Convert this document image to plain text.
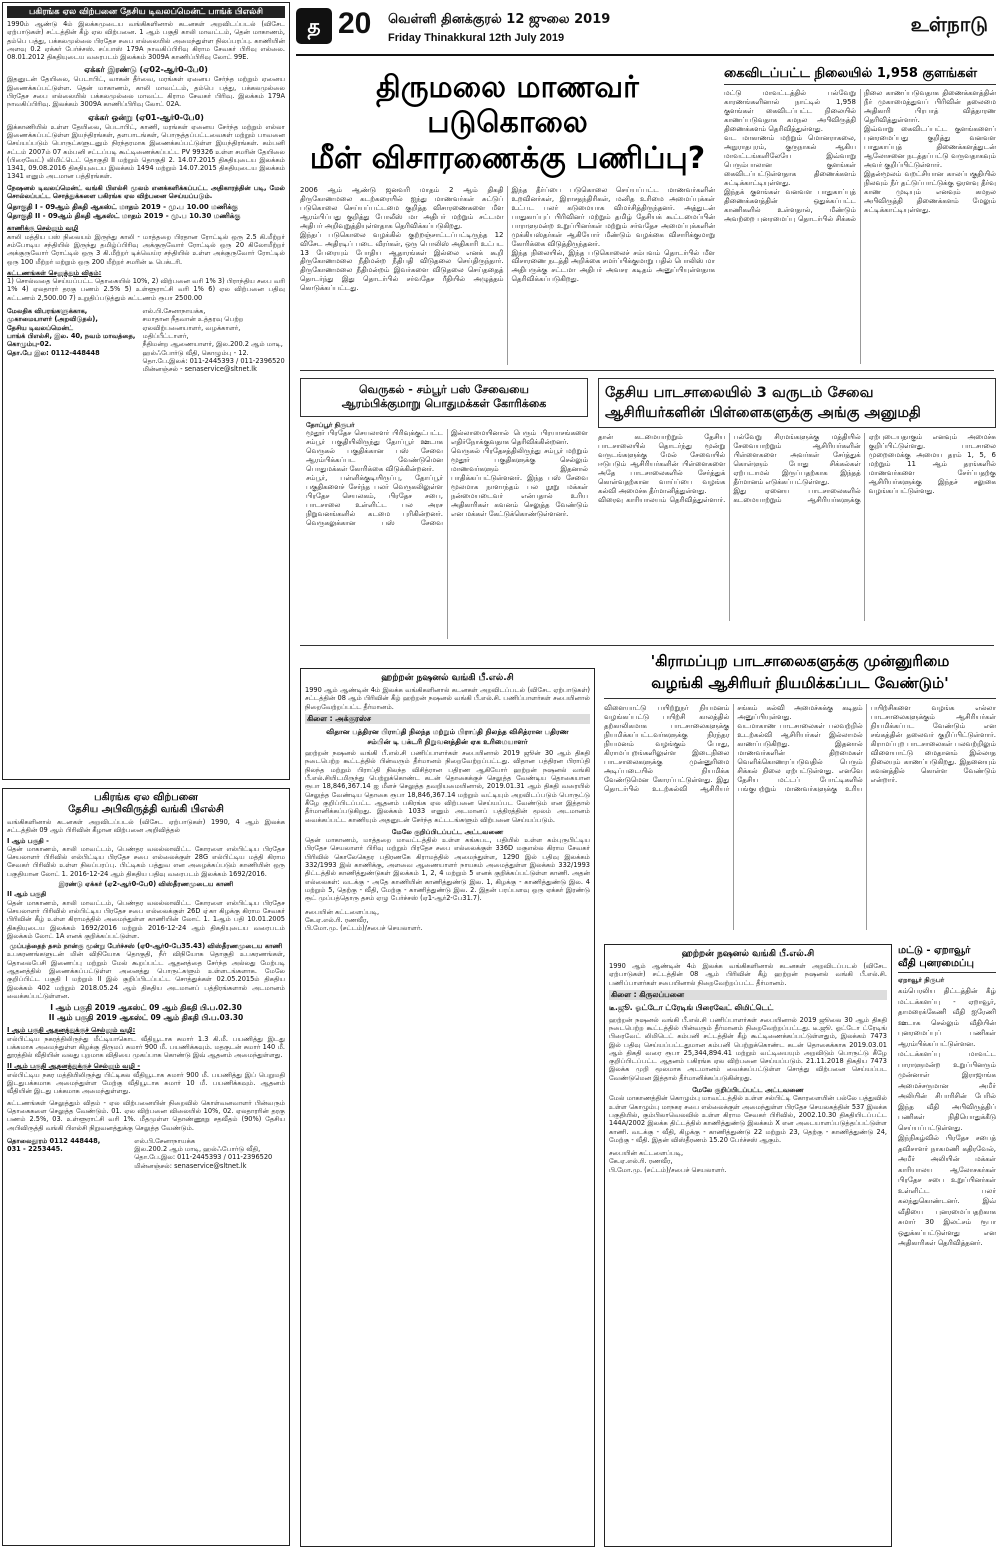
த 20 வெள்ளி தினக்குரல் 12 ஜுலை 2019
Friday Thinakkural 12th July 2019
உள்நாடு
பகிரங்க ஏல விற்பனை தேசிய டிவலப்மென்ட் பாங்க் பிஎல்சி
1990ம் ஆண்டு 4ம் இலக்கமுடைய வங்கிகளினால் கடனகள் அறவிடப்படல் (விசேட ஏற்பாடுகள்) சட்டத்தின் கீழ் ஏல விற்பனை. 1 ஆம் பகுதி காலி மாவட்டம், தென் மாகாணம், தம்பெ பத்து, பக்கலமுல்லை பிரதேச சபை எல்லையில் அமைந்துள்ள நிலப்பரப்பு. காணியின் அளவு 0.2 ஏக்கர் பேர்ச்சஸ். சப்பாஸ் 179A நாவகிப்பிரிவு கிராம சேவகர் பிரிவு எல்லை. 08.01.2012 திகதியுடைய வரைபடம் இலக்கம் 3009A காணிப்பிரிவு லோட் 99E.
ஏக்கர் இரண்டு (ஏ02-ஆர்0-பே0)
இதனுடன் தேயிலை, பெடாபிட், வாகன் தீர்வை, மரங்கள் ஏனைய சேர்ந்த மற்றும் ஏனைய இணைக்கப்பட்டுள்ள. தென் மாகாணம், காலி மாவட்டம், தம்பெ பத்து, பக்கலமுல்லை பிரதேச சபை எல்லையில் பக்கலமுல்லை மாவட்ட கிராம சேவகர் பிரிவு. இலக்கம் 179A நாவகிப்பிரிவு. இலக்கம் 3009A காணிப்பிரிவு லோட் 02A.
ஏக்கர் ஒன்று (ஏ01-ஆர்0-பே0)
இக்காணியில் உள்ள தேயிலை, பெடாபிட், காணி, மரங்கள் ஏனைய சேர்ந்த மற்றும் எல்லா இணைக்கப்பட்டுள்ள இயந்திரங்கள், தளபாடங்கள், பொருத்தப்பட்டவைகள் மற்றும் பாவனை செய்யப்படும் பொருட்களுடனும் நிரந்தரமாக இணைக்கப்பட்டுள்ள இயந்திரங்கள். கம்பனி சட்டம் 2007ம் 07 கம்பனி சட்டப்படி கூட்டிணைக்கப்பட்ட PV 99326 உள்ள சமரின் தேயிலை (பிரைவேட்) லிமிட்டெட் தொகுதி II மற்றும் தொகுதி 2. 14.07.2015 திகதியுடைய இலக்கம் 1341, 09.08.2016 திகதியுடைய இலக்கம் 1494 மற்றும் 14.07.2015 திகதியுடைய இலக்கம் 1341 எனும் அடமான பத்திரங்கள்.
நேஷனல் டிவலப்மென்ட் வங்கி பிஎல்சி மூலம் எனக்களிக்கப்பட்ட அதிகாரத்தின் படி, மேல் சொல்லப்பட்ட சொத்துக்களை பகிரங்க ஏல விற்பனை செய்யப்படும்.
தொகுதி I - 09ஆம் திகதி ஆகஸ்ட் மாதம் 2019 - மு.ப 10.00 மணிக்கு
தொகுதி II - 09ஆம் திகதி ஆகஸ்ட் மாதம் 2019 - மு.ப 10.30 மணிக்கு
காணிக்கு செல்லும் வழி
காலி மத்திய பஸ் நிலையம் இருந்து காலி - மாத்தறை பிரதான ரோட்டில் ஒரு 2.5 கி.மீற்றர் சம்போடிய சந்தியில் இருந்து தமிழ்ப்பிரிவு அக்குருவோர் ரோட்டில் ஒரு 20 கிலோமீற்றர் அக்குருவோர் ரோட்டில் ஒரு 3 கி.மீற்றர் டிக்வெய்ர சந்தியில் உள்ள அக்குருவோர் ரோட்டில் ஒரு 100 மீற்றர் மற்றும் ஒரு 200 மீற்றர் சமரின் டீ பெக்டரி.
கட்டணங்கள் செலுத்தும் விதம்:
1) சொல்வதை செய்யப்பட்ட தொகையில் 10%, 2) விற்பனை வரி 1% 3) பிராந்திய சபை வரி 1% 4) ஏலதாரர் தரகு பணம் 2.5% 5) உள்ளூராட்சி வரி 1% 6) ஏல விற்பனை பதிவு கட்டணம் 2,500.00 7) உறுதிப்படுத்தும் கட்டணம் ரூபா 2500.00
மேலதிக விபரங்களுக்காக,
முகாமையாளர் (அறவிடுதல்),
தேசிய டிவலப்மென்ட்
பாங்க் பிஎல்சி, இல. 40, நவம் மாவத்தை, கொழும்பு-02.
தொ.பே இல: 0112-448448
எல்.பி.சேனாநாயக்க,
சமாதான நீதவான் உத்தரவு பெற்ற
ஏலவிற்பனையாளர், வழக்காளர், மதிப்பீட்டாளர்,
நீதிமன்ற ஆணையாளர், இல.200.2 ஆம் மாடி, ஹல்ஃபோர்டு வீதி, கொழும்பு - 12.
தொ.பே.இலக்: 011-2445393 / 011-2396520
மின்னஞ்சல் - senaservice@sltnet.lk
பகிரங்க ஏல விற்பனை
தேசிய அபிவிருத்தி வங்கி பிஎல்சி
வங்கிகளினால் கடனகள் அறவிடப்படல் (விசேட ஏற்பாடுகள்) 1990, 4 ஆம் இலக்க சட்டத்தின் 09 ஆம் பிரிவின் கீழான விற்பனை அறிவித்தல்
I ஆம் பகுதி -
தென் மாகாணம், காலி மாவட்டம், பெண்தர வலல்லாவிட்ட கோரளை எல்பிட்டிய பிரதேச செயலாளர் பிரிவில் எல்பிட்டிய பிரதேச சபை எல்லைக்குள் 28G எல்பிட்டிய மத்தி கிராம சேவகர் பிரிவில் உள்ள நிலப்பரப்பு. பிட்டிகம் பத்துவ என அழைக்கப்படும் காணியின் ஒரு பகுதியான லோட் 1. 2016-12-24 ஆம் திகதிய பதிவு வரைபடம் இலக்கம் 1692/2016.
இரண்டு ஏக்கர் (ஏ2-ஆர்0-பே0) விஸ்தீரணமுடைய காணி
II ஆம் பகுதி
தென் மாகாணம், காலி மாவட்டம், பெண்தர வலல்லாவிட்ட கோரளை எல்பிட்டிய பிரதேச செயலாளர் பிரிவில் எல்பிட்டிய பிரதேச சபை எல்லைக்குள் 26D ஏ்கா கிழக்கு கிராம சேவகர் பிரிவின் கீழ் உள்ள கிராமத்தில் அமைந்துள்ள காணியின் லோட் 1. 1ஆம் பதி 10.01.2005 திகதியுடைய இலக்கம் 1692/2016 மற்றும் 2016-12-24 ஆம் திகதியுடைய வரைபடம் இலக்கம் லோட் 1A எனக் குறிக்கப்பட்டுள்ள.
முப்பத்தைந் தசம் நான்கு மூன்று பேர்ச்சஸ் (ஏ0-ஆர்0-பே35.43) விஸ்தீரணமுடைய காணி
உபகரணங்களுடன் மின் விநியோக தொகுதி, நீர் விநியோக தொகுதி உபகரணங்கள், தொலைபேசி இணைப்பு மற்றும் மேல் கூறப்பட்ட ஆதனத்தை சேர்ந்த அல்லது மேற்படி ஆதனத்தில் இணைக்கப்பட்டுள்ள அனைத்து பொருட்களும் உள்ளடங்களாக. மேலே குறிப்பிட்ட பகுதி I மற்றும் II இல் குறிப்பிடப்பட்ட சொத்துக்கள் 02.05.2015ம் திகதிய இலக்கம் 402 மற்றும் 2018.05.24 ஆம் திகதிய அடமானப் பத்திரங்களால் அடமானம் வைக்கப்பட்டுள்ளன.
I ஆம் பகுதி 2019 ஆகஸ்ட் 09 ஆம் திகதி பி.ப.02.30
II ஆம் பகுதி 2019 ஆகஸ்ட் 09 ஆம் திகதி பி.ப.03.30
I ஆம் பகுதி ஆதனத்துக்குச் செல்லும் வழி:
எல்பிட்டிய நகரத்திலிருந்து மீட்டியாகொட வீதியூடாக சுமார் 1.3 கி.மீ. பயணித்து இடது பக்கமாக அமைந்துள்ள கிழக்கு திருமப் சுமார் 900 மீ. பயணிக்கவும். மதகுடன் சுமார் 140 மீ. தூரத்தில் வீதியின் வலது புறமாக விதியை முகப்பாக கொண்டு இவ் ஆதனம் அமைந்துள்ளது.
II ஆம் பகுதி ஆதனத்துக்குச் செல்லும் வழி -
எல்பிட்டிய நகர மத்தியிலிருந்து பிட்டிகல வீதியூடாக சுமார் 900 மீ. பயணித்து இப் பெறுமதி இடதுபக்கமாக அமைந்துள்ள மேற்கு வீதியூடாக சுமார் 10 மீ. பயணிக்கவும். ஆதனம் வீதியின் இடது பக்கமாக அமைந்துள்ளது.
கட்டணங்கள் செலுத்தும் விதம் - ஏல விற்பனையின் நிறைவில் கொள்வனவாளர் பின்வரும் தொகைகளை செலுத்த வேண்டும். 01. ஏல விற்பனை விலையில் 10%, 02. ஏலதாரரின் தரகு பணம் 2.5%, 03. உள்ளூராட்சி வரி 1%. மீதமுள்ள தொண்ணூறு சதவீதம் (90%) தேசிய அபிவிருத்தி வங்கி பிஎல்சி நிறுவனத்துக்கு செலுத்த வேண்டும்.
தொலைதூரம் 0112 448448,
031 - 2253445.
எல்.பி.சேனாநாயக்க
இல.200.2 ஆம் மாடி, ஹல்ஃபோர்டு வீதி,
தொ.பே.இல: 011-2445393 / 011-2396520
மின்னஞ்சல்: senaservice@sltnet.lk
திருமலை மாணவர் படுகொலை
மீள் விசாரணைக்கு பணிப்பு?
2006 ஆம் ஆண்டு ஜனவரி மாதம் 2 ஆம் திகதி திருகோணமலை கடற்கரையில் ஐந்து மாணவர்கள் சுட்டுப் படுகொலை செய்யப்பட்டமை குறித்த விசாரணைகளை மீள ஆரம்பிப்பது குறித்து போலீஸ் மா அதிபர் மற்றும் சட்டமா அதிபர் அறிவுறுத்தியுள்ளதாக தெரிவிக்கப்படுகிறது.
இந்தப் படுகொலை வழக்கில் குற்றஞ்சாட்டப்பட்டிருந்த 12 விசேட அதிரடிப் படை வீரர்கள், ஒரு பொலிஸ் அதிகாரி உட்பட 13 பேரையும் போதிய ஆதாரங்கள் இல்லை எனக் கூறி திருகோணமலை நீதிமன்ற நீதிபதி விடுதலை செய்திருந்தார். திருகோணமலை நீதிமன்றம் இவர்களை விடுதலை செய்ததைத் தொடர்ந்து இது தொடர்பில் சர்வதேச ரீதியில் அழுத்தம் கொடுக்கப்பட்டது.
இந்த தீர்ப்பை படுகொலை செய்யப்பட்ட மாணவர்களின் உறவினர்கள், இராசதந்திரிகள், மனித உரிமை அமைப்புக்கள் உட்பட பலர் கடுமையாக விமர்சித்திருந்தனர். அத்துடன் பாதுகாப்புப் பிரிவினர் மற்றும் தமிழ் தேசியக் கூட்டமைப்பின் பாராளுமன்ற உறுப்பினர்கள் மற்றும் சர்வதேச அமைப்புக்களின் முக்கியஸ்தர்கள் ஆகியோர் மீண்டும் வழக்கை விசாரிக்குமாறு கோரிக்கை விடுத்திருந்தனர்.
இந்த நிலையில், இந்த படுகொலைச் சம்பவம் தொடர்பில் மீள விசாரணை நடத்தி அறிக்கை சமர்ப்பிக்குமாறு பதில் பொலிஸ் மா அதிபருக்கு சட்டமா அதிபர் அவசர கடிதம் அனுப்பியுள்ளதாக தெரிவிக்கப்படுகிறது.
கைவிடப்பட்ட நிலையில் 1,958 குளங்கள்
மட்டு மாவட்டத்தில் பல்வேறு காரணங்களினால் நாட்டில் 1,958 குளங்கள் கைவிடப்பட்ட நிலையில் காணப்படுவதாக கமநல அபிவிருத்தி திணைக்களம் தெரிவித்துள்ளது.
வட மாகாணம் மற்றும் மொனராகலை, அநுராதபுரம், குருநாகல் ஆகிய மாவட்டங்களிலேயே இவ்வாறு பெரும்பாலான குளங்கள் கைவிடப்பட்டுள்ளதாக திணைக்களம் சுட்டிக்காட்டியுள்ளது.
இந்தக் குளங்கள் வனவள பாதுகாப்புத் திணைக்களத்தின் ஒதுக்கப்பட்ட காணிகளில் உள்ளதால், மீண்டும் அவற்றை புனரமைப்பு தொடர்பில் சிக்கல் நிலை காணப்படுவதாக திணைக்களத்தின் நீர் முகாமைத்துவப் பிரிவின் தலைமை அதிகாரி பிரபாத் வித்தாரண தெரிவித்துள்ளார்.
இவ்வாறு கைவிடப்பட்ட குளங்களைப் புனரமைப்பது குறித்து வனவள பாதுகாப்புத் திணைக்களத்துடன் ஆலோசனை நடத்தப்பட்டு வருவதாகவும் அவர் குறிப்பிட்டுள்ளார்.
இதன்மூலம் வறட்சியான காலப்பகுதியில் நிலவும் நீர் தட்டுப்பாட்டுக்கு ஓரளவு தீர்வு காண முடியும் எனவும் கமநல அபிவிருத்தி திணைக்களம் மேலும் சுட்டிக்காட்டியுள்ளது.
வெருகல் - சம்பூர் பஸ் சேவையை
ஆரம்பிக்குமாறு பொதுமக்கள் கோரிக்கை
தோப்பூர் நிருபர்
மூதூர் பிரதேச செயலாளர் பிரிவுக்குட்பட்ட சம்பூர் பகுதியிலிருந்து தோப்பூர் ஊடாக வெருகல் பகுதிக்கான பஸ் சேவை ஆரம்பிக்கப்பட வேண்டுமென பொதுமக்கள் கோரிக்கை விடுக்கின்றனர்.
சம்பூர், பள்ளிக்குடியிருப்பு, தோப்பூர் பகுதிகளைச் சேர்ந்த பலர் வெருகலிலுள்ள பிரதேச செயலகம், பிரதேச சபை, பாடசாலை உள்ளிட்ட பல அரச நிறுவனங்களில் கடமை புரிகின்றனர். வெருகலுக்கான பஸ் சேவை இல்லாமையினால் பெரும் பிரயாசங்களை எதிர்நோக்குவதாக தெரிவிக்கின்றனர்.
வெருகல் பிரதேசத்திலிருந்து சம்பூர் மற்றும் மூதூர் பகுதிகளுக்கு செல்லும் மாணவர்களும் இதனால் பாதிக்கப்பட்டுள்ளனர். இந்த பஸ் சேவை மூலமாக நாளாந்தம் பல நூறு மக்கள் நன்மையடைவர் என்பதால் உரிய அதிகாரிகள் கவனம் செலுத்த வேண்டும் என மக்கள் கேட்டுக்கொண்டுள்ளனர்.
தேசிய பாடசாலையில் 3 வருடம் சேவை
ஆசிரியர்களின் பிள்ளைகளுக்கு அங்கு அனுமதி
தான் கடமையாற்றும் தேசிய பாடசாலையில் தொடர்ந்து மூன்று வருடங்களுக்கு மேல் சேவையில் ஈடுபடும் ஆசிரியர்களின் பிள்ளைகளை அதே பாடசாலைகளில் சேர்த்துக் கொள்வதற்கான வாய்ப்பை வழங்க கல்வி அமைச்சு தீர்மானித்துள்ளது.
விரைவு காரியாலயம் தெரிவித்துள்ளார். பல்வேறு சிரமங்களுக்கு மத்தியில் சேவையாற்றும் ஆசிரியர்களின் பிள்ளைகளை அவர்கள் சேர்த்துக் கொள்ளும் போது சிக்கல்கள் ஏற்படாமல் இருப்பதற்காக இந்தத் தீர்மானம் எடுக்கப்பட்டுள்ளது.
இது ஏனைய பாடசாலைகளில் கடமையாற்றும் ஆசிரியர்களுக்கு ஏற்புடையதாகும் எனவும் அமைச்சு குறிப்பிட்டுள்ளது. பாடசாலை முறைமைக்கு அமைய தரம் 1, 5, 6 மற்றும் 11 ஆம் தரங்களில் மாணவர்களை சேர்ப்பதற்கு ஆசிரியர்களுக்கு இந்தச் சலுகை வழங்கப்பட்டுள்ளது.
ஹற்றன் நஷனல் வங்கி பீ.எல்.சி
1990 ஆம் ஆண்டின் 4ம் இலக்க வங்கிகளினால் கடனகள் அறவிடப்படல் (விசேட ஏற்பாடுகள்) சட்டத்தின் 08 ஆம் பிரிவின் கீழ் ஹற்றன் நஷனல் வங்கி பீ.எல்.சி. பணிப்பாளர்கள் சபையினால் நிறைவேற்றப்பட்ட தீர்மானம்.
கிளை : அக்குரஸ்ச
விதான பத்திரன பிராப்தி நிலந்த மற்றும் பிராப்தி நிலந்த விசித்ரான பதிரண
சம்பின் டி பக்டரி நிறுவனத்தின் ஏக உரிமையாளர்
ஹற்றன் நஷனல் வங்கி பீ.எல்.சி பணிப்பாளர்கள் சபையினால் 2019 ஜூன் 30 ஆம் திகதி நடைபெற்ற கூட்டத்தில் பின்வரும் தீர்மானம் நிறைவேற்றப்பட்டது. விதான பத்திரன பிராப்தி நிலந்த மற்றும் பிராப்தி நிலந்த விசித்ரான பதிரண ஆகியோர் ஹற்றன் நஷனல் வங்கி பீ.எல்.சியிடமிருந்து பெற்றுக்கொண்ட கடன் தொகைக்குச் செலுத்த வேண்டிய தொகையான ரூபா 18,846,367.14 ஐ மீளச் செலுத்த தவறியமையினால், 2019.01.31 ஆம் திகதி வரையில் செலுத்த வேண்டிய தொகை ரூபா 18,846,367.14 மற்றும் வட்டியும் அறவிடப்படும் பொருட்டு கீழே குறிப்பிடப்பட்ட ஆதனம் பகிரங்க ஏல விற்பனை செய்யப்பட வேண்டும் என இத்தால் தீர்மானிக்கப்படுகிறது. இலக்கம் 1033 எனும் அடமானப் பத்திரத்தின் மூலம் அடமானம் வைக்கப்பட்ட காணியும் அதனுடன் சேர்ந்த கட்டடங்களும் விற்பனை செய்யப்படும்.
மேலே குறிப்பிடப்பட்ட அட்டவணை
தென் மாகாணம், மாத்தறை மாவட்டத்தில் உள்ள கங்கபட, பதியில் உள்ள கம்புருபிட்டிய பிரதேச செயலாளர் பிரிவு மற்றும் பிரதேச சபை எல்லைக்குள் 336D மகுஎல்ல கிராம சேவகர் பிரிவில் கொலேகெதர பதிரணகே கிராமத்தில் அமைந்துள்ள, 1290 இல் பதிவு இலக்கம் 332/1993 இல் காணிக்கு, அளவை ஆணையாளர் நாயகம் அமைத்துள்ள இலக்கம் 332/1993 திட்டத்தில் காணித்துண்டுகள் இலக்கம் 1, 2, 4 மற்றும் 5 எனக் குறிக்கப்பட்டுள்ள காணி. அதன் எல்லைகள்: வடக்கு - அதே காணியின் காணித்துண்டு இல. 1, கிழக்கு - காணித்துண்டு இல. 4 மற்றும் 5, தெற்கு - வீதி, மேற்கு - காணித்துண்டு இல. 2. இதன் பரப்பளவு ஒரு ஏக்கர் இரண்டு ரூட் முப்பத்தொரு தசம் ஏழு பேர்ச்சஸ் (ஏ1-ஆர்2-பே31.7).
சபையின் கட்டளைப்படி,
கே.ஏ.எல்.ரி. ரணவீர,
பி.மோ.மு. (சட்டம்)/சபைச் செயலாளர்.
'கிராமப்புற பாடசாலைகளுக்கு முன்னுரிமை
வழங்கி ஆசிரியர் நியமிக்கப்பட வேண்டும்'
விளையாட்டு பயிற்றுநர் நியமனம் வழங்கப்பட்டு பயிற்சி காலத்தில் தற்காலிகமாக பாடசாலைகளுக்கு நியமிக்கப்பட்டவர்களுக்கு நிரந்தர நியமனம் வழங்கும் போது, கிராமப்புறங்களிலுள்ள இடைநிலை பாடசாலைகளுக்கு முன்னுரிமை அடிப்படையில் நியமிக்க வேண்டுமென கோரப்பட்டுள்ளது. இது தொடர்பில் உடற்கல்வி ஆசிரியர் சங்கம் கல்வி அமைச்சுக்கு கடிதம் அனுப்பியுள்ளது.
வடமாகாண பாடசாலைகள் பலவற்றில் உடற்கல்வி ஆசிரியர்கள் இல்லாமல் காணப்படுகிறது. இதனால் மாணவர்களின் திறமைகள் வெளிக்கொணரப்படுவதில் பெரும் சிக்கல் நிலை ஏற்பட்டுள்ளது. எனவே தேசிய மட்டப் போட்டிகளில் பங்குபற்றும் மாணவர்களுக்கு உரிய பயிற்சிகளை வழங்க எல்லா பாடசாலைகளுக்கும் ஆசிரியர்கள் நியமிக்கப்பட வேண்டும் என சங்கத்தின் தலைவர் குறிப்பிட்டுள்ளார். கிராமப்புற பாடசாலைகள் பலவற்றிலும் விளையாட்டு மைதானம் இல்லாத நிலையும் காணப்படுகிறது. இதனையும் கவனத்தில் கொள்ள வேண்டும் என்றார்.
ஹற்றன் நஷனல் வங்கி பீ.எல்.சி
1990 ஆம் ஆண்டின் 4ம் இலக்க வங்கிகளினால் கடனகள் அறவிடப்படல் (விசேட ஏற்பாடுகள்) சட்டத்தின் 08 ஆம் பிரிவின் கீழ் ஹற்றன் நஷனல் வங்கி பீ.எல்.சி. பணிப்பாளர்கள் சபையினால் நிறைவேற்றப்பட்ட தீர்மானம்.
கிளை : கிருலப்பனை
டீ.ஜூ. ஓட்டோ ட்ரேடிங் பிரைவேட் லிமிட்டெட்
ஹற்றன் நஷனல் வங்கி பீ.எல்.சி பணிப்பாளர்கள் சபையினால் 2019 ஜூலை 30 ஆம் திகதி நடைபெற்ற கூட்டத்தில் பின்வரும் தீர்மானம் நிறைவேற்றப்பட்டது. டீ.ஜூ. ஓட்டோ ட்ரேடிங் பிரைவேட் லிமிடெட் கம்பனி சட்டத்தின் கீழ் கூட்டிணைக்கப்பட்டுள்ளதும், இலக்கம் 7473 இல் பதிவு செய்யப்பட்டதுமான கம்பனி பெற்றுக்கொண்ட கடன் தொகைக்காக 2019.03.01 ஆம் திகதி வரை ரூபா 25,344,894.41 மற்றும் வட்டியையும் அறவிடும் பொருட்டு கீழே குறிப்பிடப்பட்ட ஆதனம் பகிரங்க ஏல விற்பனை செய்யப்படும். 21.11.2018 திகதிய 7473 இலக்க முறி மூலமாக அடமானம் வைக்கப்பட்டுள்ள சொத்து விற்பனை செய்யப்பட வேண்டுமென இத்தால் தீர்மானிக்கப்படுகின்றது.
மேலே குறிப்பிடப்பட்ட அட்டவணை
மேல் மாகாணத்தின் கொழும்பு மாவட்டத்தில் உள்ள சல்பிட்டி கோரளையின் பல்லே பத்துவில் உள்ள கொழும்பு மாநகர சபை எல்லைக்குள் அமைந்துள்ள பிரதேச செயலகத்தின் 537 இலக்க பகுதியில், கும்பிலாவெலவில் உள்ள கிராம சேவகர் பிரிவில், 2002.10.30 திகதியிடப்பட்ட 144A/2002 இலக்க திட்டத்தில் காணித்துண்டு இலக்கம் X என அடையாளப்படுத்தப்பட்டுள்ள காணி. வடக்கு - வீதி, கிழக்கு - காணித்துண்டு 22 மற்றும் 23, தெற்கு - காணித்துண்டு 24, மேற்கு - வீதி. இதன் விஸ்தீரணம் 15.20 பேர்ச்சஸ் ஆகும்.
சபையின் கட்டளைப்படி,
கே.ஏ.எல்.ரி. ரணவீர,
பி.மோ.மு. (சட்டம்)/சபைச் செயலாளர்.
மட்டு - ஏறாவூர்
வீதி புனரமைப்பு
ஏறாவூர் நிருபர்
கம்பெரலிய திட்டத்தின் கீழ் மட்டக்களப்பு - ஏறாவூர், தாமரைக்கேணி வீதி ஐரேணி ஊடாக செல்லும் வீதியின் புனரமைப்புப் பணிகள் ஆரம்பிக்கப்பட்டுள்ளன. மட்டக்களப்பு மாவட்ட பாராளுமன்ற உறுப்பினரும் முன்னாள் இராஜாங்க அமைச்சருமான அமீர் அலியின் சிபாரிசின் பேரில் இந்த வீதி அபிவிருத்திப் பணிகள் நிதியொதுக்கீடு செய்யப்பட்டுள்ளது. இந்நிகழ்வில் பிரதேச சபைத் தவிசாளர் நாகமணி கதிரவேல், அமீர் அலியின் மக்கள் காரியாலய ஆலோசகர்கள் பிரதேச சபை உறுப்பினர்கள் உள்ளிட்ட பலர் கலந்துகொண்டனர். இவ் வீதியை புனரமைப்பதற்காக சுமார் 30 இலட்சம் ரூபா ஒதுக்கப்பட்டுள்ளது என அதிகாரிகள் தெரிவித்தனர்.
